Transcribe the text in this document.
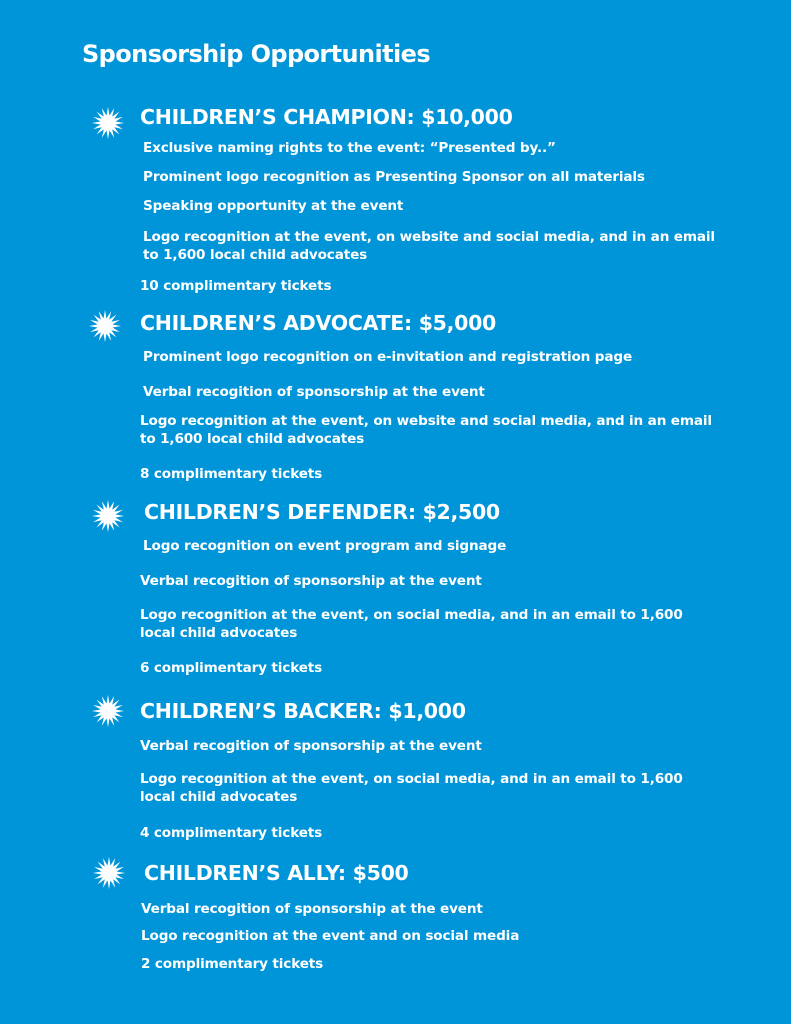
Sponsorship Opportunities
CHILDREN’S CHAMPION: $10,000
Exclusive naming rights to the event: “Presented by..”
Prominent logo recognition as Presenting Sponsor on all materials
Speaking opportunity at the event
Logo recognition at the event, on website and social media, and in an email to 1,600 local child advocates
10 complimentary tickets
CHILDREN’S ADVOCATE: $5,000
Prominent logo recognition on e-invitation and registration page
Verbal recogition of sponsorship at the event
Logo recognition at the event, on website and social media, and in an email to 1,600 local child advocates
8 complimentary tickets
CHILDREN’S DEFENDER: $2,500
Logo recognition on event program and signage
Verbal recogition of sponsorship at the event
Logo recognition at the event, on social media, and in an email to 1,600 local child advocates
6 complimentary tickets
CHILDREN’S BACKER: $1,000
Verbal recogition of sponsorship at the event
Logo recognition at the event, on social media, and in an email to 1,600 local child advocates
4 complimentary tickets
CHILDREN’S ALLY: $500
Verbal recogition of sponsorship at the event
Logo recognition at the event and on social media
2 complimentary tickets
